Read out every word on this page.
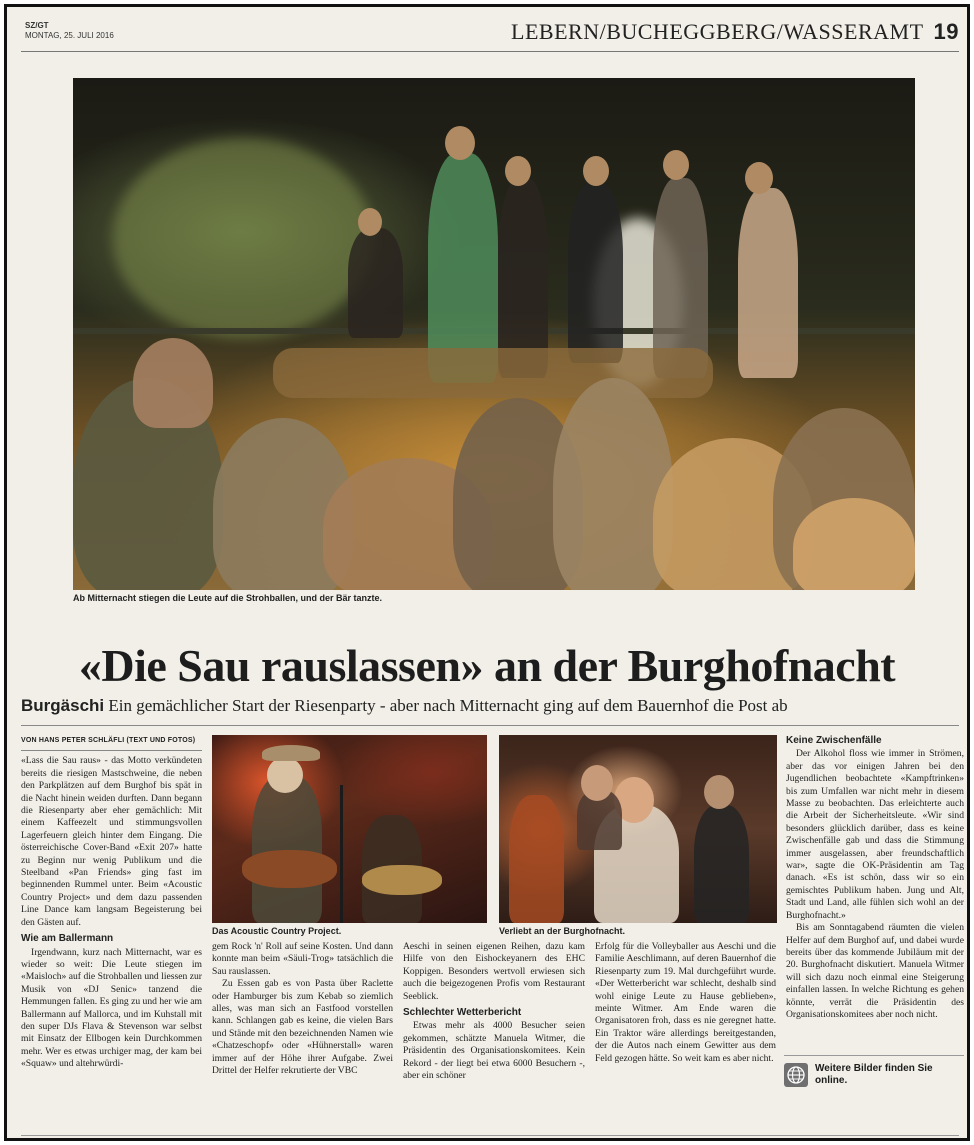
SZ/GT
MONTAG, 25. JULI 2016	LEBERN/BUCHEGGBERG/WASSERAMT 19
Ab Mitternacht stiegen die Leute auf die Strohballen, und der Bär tanzte.
«Die Sau rauslassen» an der Burghofnacht
Burgäschi Ein gemächlicher Start der Riesenparty - aber nach Mitternacht ging auf dem Bauernhof die Post ab
VON HANS PETER SCHLÄFLI (TEXT UND FOTOS)

«Lass die Sau raus» - das Motto verkündeten bereits die riesigen Mastschweine, die neben den Parkplätzen auf dem Burghof bis spät in die Nacht hinein weiden durften. Dann begann die Riesenparty aber eher gemächlich: Mit einem Kaffeezelt und stimmungsvollen Lagerfeuern gleich hinter dem Eingang. Die österreichische Cover-Band «Exit 207» hatte zu Beginn nur wenig Publikum und die Steelband «Pan Friends» ging fast im beginnenden Rummel unter. Beim «Acoustic Country Project» und dem dazu passenden Line Dance kam langsam Begeisterung bei den Gästen auf.

Wie am Ballermann

Irgendwann, kurz nach Mitternacht, war es wieder so weit: Die Leute stiegen im «Maisloch» auf die Strohballen und liessen zur Musik von «DJ Senic» tanzend die Hemmungen fallen. Es ging zu und her wie am Ballermann auf Mallorca, und im Kuhstall mit den super DJs Flava & Stevenson war selbst mit Einsatz der Ellbogen kein Durchkommen mehr. Wer es etwas urchiger mag, der kam bei «Squaw» und altehrwürdi-

Das Acoustic Country Project.	Verliebt an der Burghofnacht.

gem Rock 'n' Roll auf seine Kosten. Und dann konnte man beim «Säuli-Trog» tatsächlich die Sau rauslassen.

Zu Essen gab es von Pasta über Raclette oder Hamburger bis zum Kebab so ziemlich alles, was man sich an Fastfood vorstellen kann. Schlangen gab es keine, die vielen Bars und Stände mit den bezeichnenden Namen wie «Chatzeschopf» oder «Hühnerstall» waren immer auf der Höhe ihrer Aufgabe. Zwei Drittel der Helfer rekrutierte der VBC

Aeschi in seinen eigenen Reihen, dazu kam Hilfe von den Eishockeyanern des EHC Koppigen. Besonders wertvoll erwiesen sich auch die beigezogenen Profis vom Restaurant Seeblick.

Schlechter Wetterbericht

Etwas mehr als 4000 Besucher seien gekommen, schätzte Manuela Witmer, die Präsidentin des Organisationskomitees. Kein Rekord - der liegt bei etwa 6000 Besuchern -, aber ein schöner

Erfolg für die Volleyballer aus Aeschi und die Familie Aeschlimann, auf deren Bauernhof die Riesenparty zum 19. Mal durchgeführt wurde. «Der Wetterbericht war schlecht, deshalb sind wohl einige Leute zu Hause geblieben», meinte Witmer. Am Ende waren die Organisatoren froh, dass es nie geregnet hatte. Ein Traktor wäre allerdings bereitgestanden, der die Autos nach einem Gewitter aus dem Feld gezogen hätte. So weit kam es aber nicht.

Keine Zwischenfälle

Der Alkohol floss wie immer in Strömen, aber das vor einigen Jahren bei den Jugendlichen beobachtete «Kampftrinken» bis zum Umfallen war nicht mehr in diesem Masse zu beobachten. Das erleichterte auch die Arbeit der Sicherheitsleute. «Wir sind besonders glücklich darüber, dass es keine Zwischenfälle gab und dass die Stimmung immer ausgelassen, aber freundschaftlich war», sagte die OK-Präsidentin am Tag danach. «Es ist schön, dass wir so ein gemischtes Publikum haben. Jung und Alt, Stadt und Land, alle fühlen sich wohl an der Burghofnacht.»

Bis am Sonntagabend räumten die vielen Helfer auf dem Burghof auf, und dabei wurde bereits über das kommende Jubiläum mit der 20. Burghofnacht diskutiert. Manuela Witmer will sich dazu noch einmal eine Steigerung einfallen lassen. In welche Richtung es gehen könnte, verrät die Präsidentin des Organisationskomitees aber noch nicht.

Weitere Bilder finden Sie online.
